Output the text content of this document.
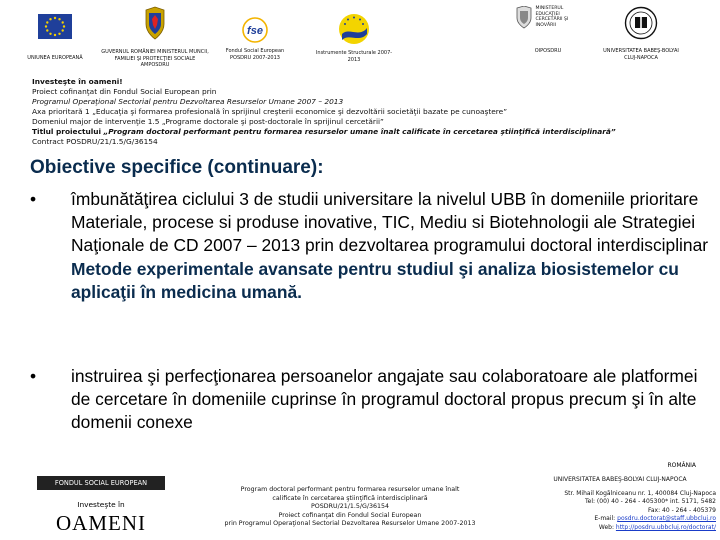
UNIUNEA EUROPEANĂ
GUVERNUL ROMÂNIEI MINISTERUL MUNCII, FAMILIEI ŞI PROTECŢIEI SOCIALE AMPOSDRU
fse
Fondul Social European POSDRU 2007-2013
Instrumente Structurale 2007-2013
MINISTERUL EDUCAŢIEI CERCETĂRII ŞI INOVĂRII
OIPOSDRU	UNIVERSITATEA BABEŞ-BOLYAI CLUJ-NAPOCA
Investeşte în oameni!
Proiect cofinanţat din Fondul Social European prin
Programul Operaţional Sectorial pentru Dezvoltarea Resurselor Umane 2007 – 2013
Axa prioritară 1 „Educaţia şi formarea profesională în sprijinul creşterii economice şi dezvoltării societăţii bazate pe cunoaştere”
Domeniul major de intervenţie 1.5 „Programe doctorale şi post-doctorale în sprijinul cercetării”
Titlul proiectului „Program doctoral performant pentru formarea resurselor umane înalt calificate în cercetarea ştiinţifică interdisciplinară”
Contract POSDRU/21/1.5/G/36154
Obiective specifice (continuare):
• îmbunătăţirea ciclului 3 de studii universitare la nivelul UBB în domeniile prioritare Materiale, procese si produse inovative, TIC, Mediu si Biotehnologii ale Strategiei Naţionale de CD 2007 – 2013 prin dezvoltarea programului doctoral interdisciplinar Metode experimentale avansate pentru studiul şi analiza biosistemelor cu aplicaţii în medicina umană.
• instruirea şi perfecţionarea persoanelor angajate sau colaboratoare ale platformei de cercetare în domeniile cuprinse în programul doctoral propus precum şi în alte domenii conexe
ROMÂNIA
FONDUL SOCIAL EUROPEAN
Investeşte în
OAMENI
Program doctoral performant pentru formarea resurselor umane înalt
calificate în cercetarea ştiinţifică interdisciplinară
POSDRU/21/1.5/G/36154
Proiect cofinanţat din Fondul Social European
prin Programul Operaţional Sectorial Dezvoltarea Resurselor Umane 2007-2013
UNIVERSITATEA BABEŞ-BOLYAI CLUJ-NAPOCA
Str. Mihail Kogălniceanu nr. 1, 400084 Cluj-Napoca
Tel: (00) 40 - 264 - 405300* int. 5171, 5482
Fax: 40 - 264 - 405379
E-mail: posdru.doctorat@staff.ubbcluj.ro
Web: http://posdru.ubbcluj.ro/doctorat/
